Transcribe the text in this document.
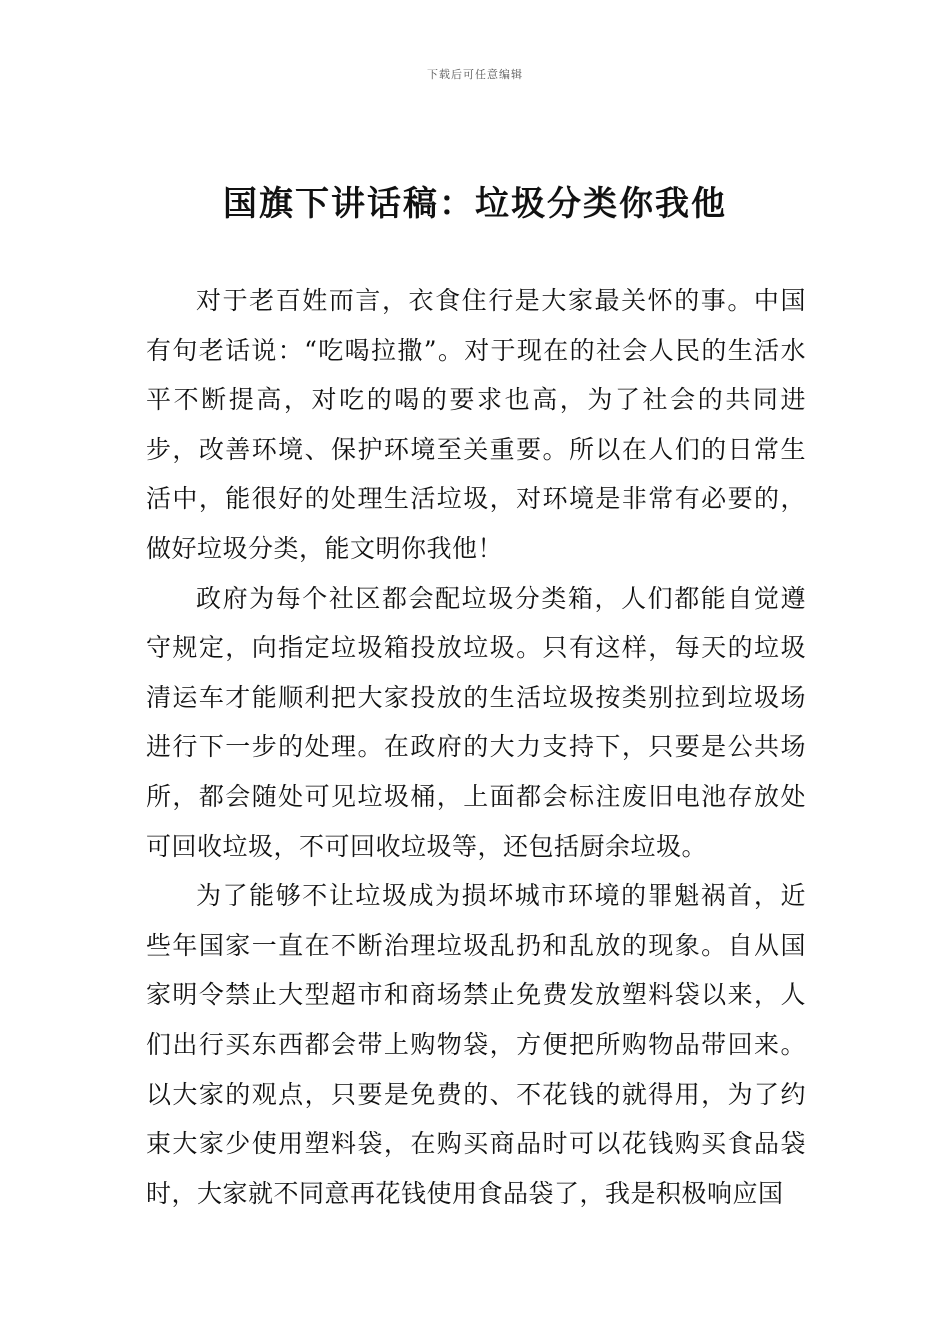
下载后可任意编辑
国旗下讲话稿：垃圾分类你我他

对于老百姓而言，衣食住行是大家最关怀的事。中国有句老话说：“吃喝拉撒”。对于现在的社会人民的生活水平不断提高，对吃的喝的要求也高，为了社会的共同进步，改善环境、保护环境至关重要。所以在人们的日常生活中，能很好的处理生活垃圾，对环境是非常有必要的，做好垃圾分类，能文明你我他！

政府为每个社区都会配垃圾分类箱，人们都能自觉遵守规定，向指定垃圾箱投放垃圾。只有这样，每天的垃圾清运车才能顺利把大家投放的生活垃圾按类别拉到垃圾场进行下一步的处理。在政府的大力支持下，只要是公共场所，都会随处可见垃圾桶，上面都会标注废旧电池存放处可回收垃圾，不可回收垃圾等，还包括厨余垃圾。

为了能够不让垃圾成为损坏城市环境的罪魁祸首，近些年国家一直在不断治理垃圾乱扔和乱放的现象。自从国家明令禁止大型超市和商场禁止免费发放塑料袋以来，人们出行买东西都会带上购物袋，方便把所购物品带回来。以大家的观点，只要是免费的、不花钱的就得用，为了约束大家少使用塑料袋，在购买商品时可以花钱购买食品袋时，大家就不同意再花钱使用食品袋了，我是积极响应国
